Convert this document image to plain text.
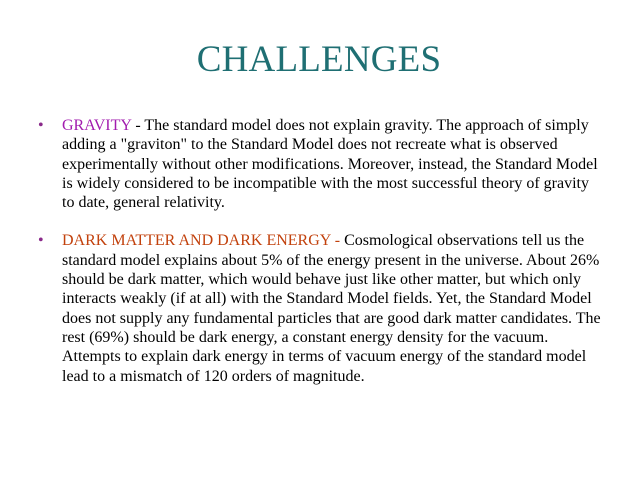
CHALLENGES
• GRAVITY - The standard model does not explain gravity. The approach of simply adding a "graviton" to the Standard Model does not recreate what is observed experimentally without other modifications. Moreover, instead, the Standard Model is widely considered to be incompatible with the most successful theory of gravity to date, general relativity.
• DARK MATTER AND DARK ENERGY - Cosmological observations tell us the standard model explains about 5% of the energy present in the universe. About 26% should be dark matter, which would behave just like other matter, but which only interacts weakly (if at all) with the Standard Model fields. Yet, the Standard Model does not supply any fundamental particles that are good dark matter candidates. The rest (69%) should be dark energy, a constant energy density for the vacuum. Attempts to explain dark energy in terms of vacuum energy of the standard model lead to a mismatch of 120 orders of magnitude.
